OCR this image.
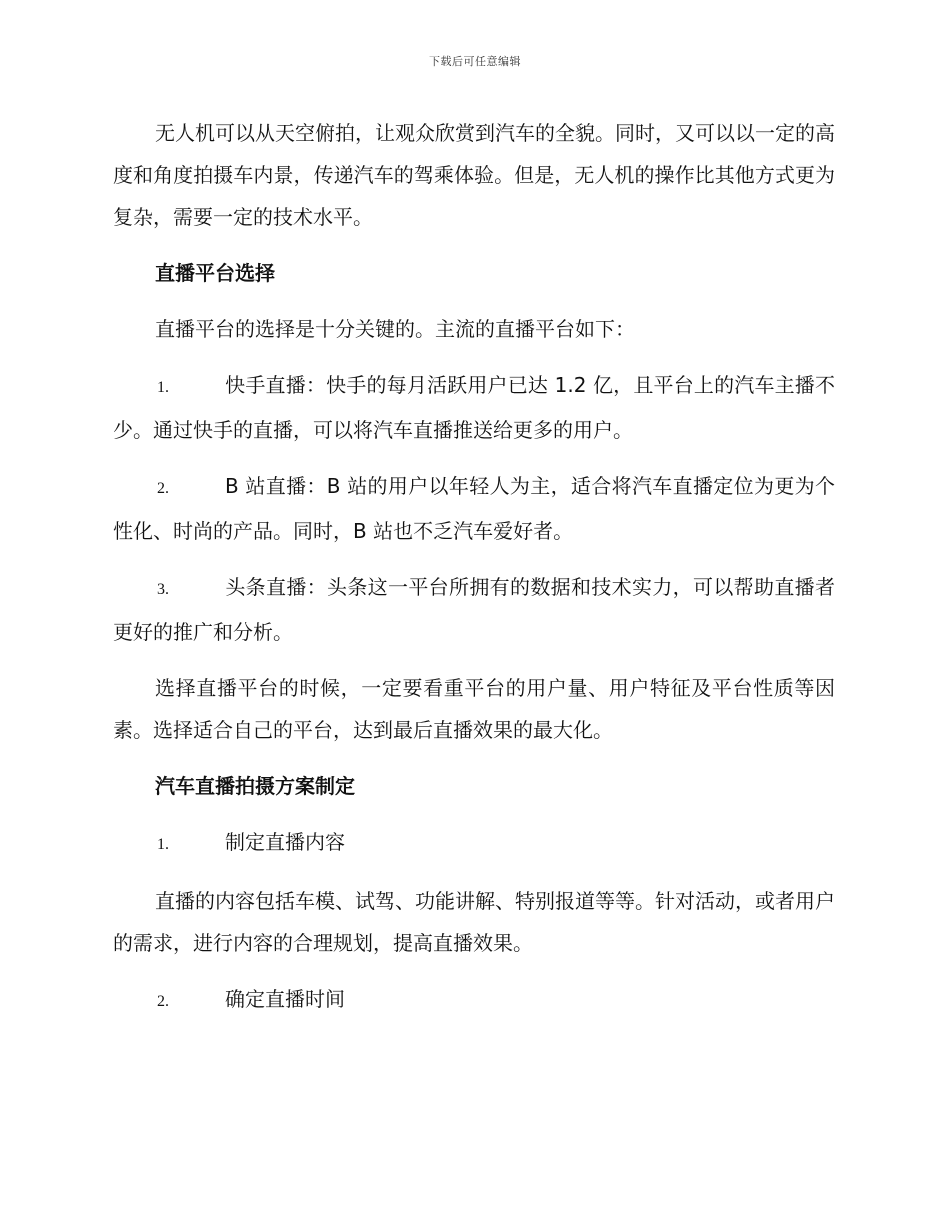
下载后可任意编辑

无人机可以从天空俯拍，让观众欣赏到汽车的全貌。同时，又可以以一定的高度和角度拍摄车内景，传递汽车的驾乘体验。但是，无人机的操作比其他方式更为复杂，需要一定的技术水平。

直播平台选择

直播平台的选择是十分关键的。主流的直播平台如下：

1.	快手直播：快手的每月活跃用户已达 1.2 亿，且平台上的汽车主播不少。通过快手的直播，可以将汽车直播推送给更多的用户。
2.	B 站直播：B 站的用户以年轻人为主，适合将汽车直播定位为更为个性化、时尚的产品。同时，B 站也不乏汽车爱好者。
3.	头条直播：头条这一平台所拥有的数据和技术实力，可以帮助直播者更好的推广和分析。

选择直播平台的时候，一定要看重平台的用户量、用户特征及平台性质等因素。选择适合自己的平台，达到最后直播效果的最大化。

汽车直播拍摄方案制定
1.	制定直播内容

直播的内容包括车模、试驾、功能讲解、特别报道等等。针对活动，或者用户的需求，进行内容的合理规划，提高直播效果。

2.	确定直播时间
